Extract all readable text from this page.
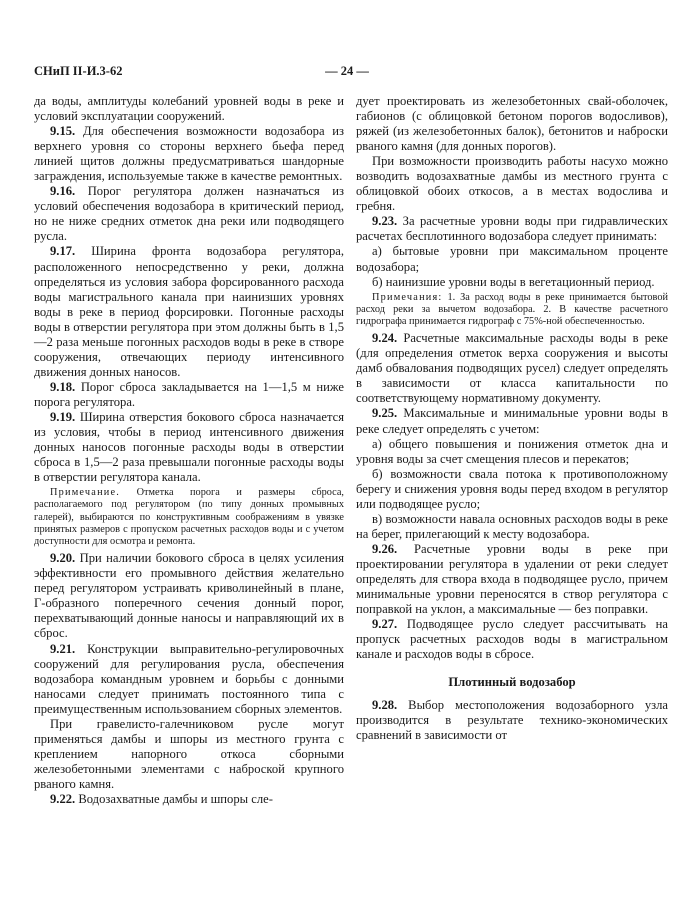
СНиП II-И.3-62	— 24 —

да воды, амплитуды колебаний уровней воды в реке и условий эксплуатации сооружений.

9.15. Для обеспечения возможности водозабора из верхнего уровня со стороны верхнего бьефа перед линией щитов должны предусматриваться шандорные заграждения, используемые также в качестве ремонтных.

9.16. Порог регулятора должен назначаться из условий обеспечения водозабора в критический период, но не ниже средних отметок дна реки или подводящего русла.

9.17. Ширина фронта водозабора регулятора, расположенного непосредственно у реки, должна определяться из условия забора форсированного расхода воды магистрального канала при наинизших уровнях воды в реке в период форсировки. Погонные расходы воды в отверстии регулятора при этом должны быть в 1,5—2 раза меньше погонных расходов воды в реке в створе сооружения, отвечающих периоду интенсивного движения донных наносов.

9.18. Порог сброса закладывается на 1—1,5 м ниже порога регулятора.

9.19. Ширина отверстия бокового сброса назначается из условия, чтобы в период интенсивного движения донных наносов погонные расходы воды в отверстии сброса в 1,5—2 раза превышали погонные расходы воды в отверстии регулятора канала.

Примечание. Отметка порога и размеры сброса, располагаемого под регулятором (по типу донных промывных галерей), выбираются по конструктивным соображениям в увязке принятых размеров с пропуском расчетных расходов воды и с учетом доступности для осмотра и ремонта.

9.20. При наличии бокового сброса в целях усиления эффективности его промывного действия желательно перед регулятором устраивать криволинейный в плане, Г-образного поперечного сечения донный порог, перехватывающий донные наносы и направляющий их в сброс.

9.21. Конструкции выправительно-регулировочных сооружений для регулирования русла, обеспечения водозабора командным уровнем и борьбы с донными наносами следует принимать постоянного типа с преимущественным использованием сборных элементов.

При гравелисто-галечниковом русле могут применяться дамбы и шпоры из местного грунта с креплением напорного откоса сборными железобетонными элементами с наброской крупного рваного камня.

9.22. Водозахватные дамбы и шпоры сле-

дует проектировать из железобетонных свай-оболочек, габионов (с облицовкой бетоном порогов водосливов), ряжей (из железобетонных балок), бетонитов и наброски рваного камня (для донных порогов).

При возможности производить работы насухо можно возводить водозахватные дамбы из местного грунта с облицовкой обоих откосов, а в местах водослива и гребня.

9.23. За расчетные уровни воды при гидравлических расчетах бесплотинного водозабора следует принимать:

а) бытовые уровни при максимальном проценте водозабора;

б) наинизшие уровни воды в вегетационный период.

Примечания: 1. За расход воды в реке принимается бытовой расход реки за вычетом водозабора. 2. В качестве расчетного гидрографа принимается гидрограф с 75%-ной обеспеченностью.

9.24. Расчетные максимальные расходы воды в реке (для определения отметок верха сооружения и высоты дамб обвалования подводящих русел) следует определять в зависимости от класса капитальности по соответствующему нормативному документу.

9.25. Максимальные и минимальные уровни воды в реке следует определять с учетом:

а) общего повышения и понижения отметок дна и уровня воды за счет смещения плесов и перекатов;

б) возможности свала потока к противоположному берегу и снижения уровня воды перед входом в регулятор или подводящее русло;

в) возможности навала основных расходов воды в реке на берег, прилегающий к месту водозабора.

9.26. Расчетные уровни воды в реке при проектировании регулятора в удалении от реки следует определять для створа входа в подводящее русло, причем минимальные уровни переносятся в створ регулятора с поправкой на уклон, а максимальные — без поправки.

9.27. Подводящее русло следует рассчитывать на пропуск расчетных расходов воды в магистральном канале и расходов воды в сбросе.

Плотинный водозабор

9.28. Выбор местоположения водозаборного узла производится в результате технико-экономических сравнений в зависимости от
